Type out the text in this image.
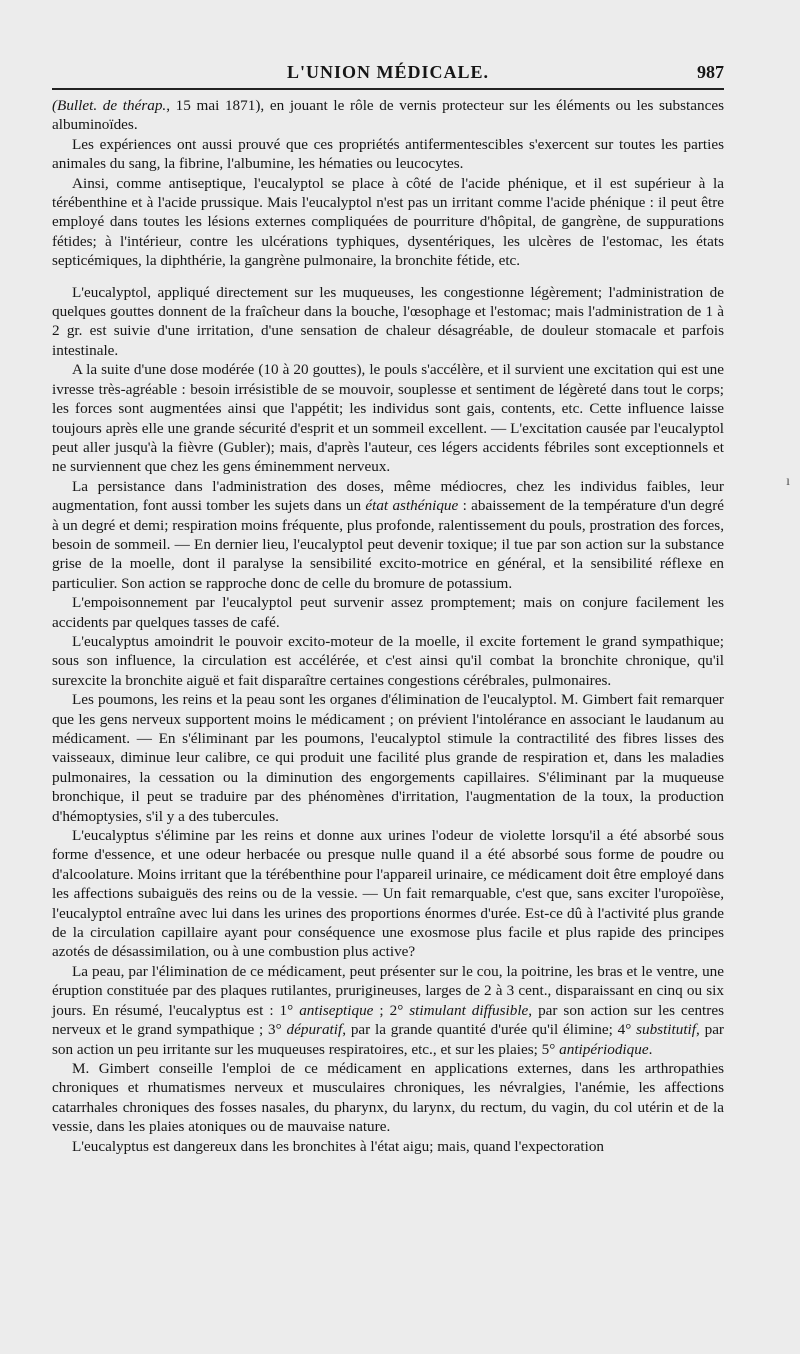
L'UNION MÉDICALE.	987

(Bullet. de thérap., 15 mai 1871), en jouant le rôle de vernis protecteur sur les éléments ou les substances albuminoïdes.

Les expériences ont aussi prouvé que ces propriétés antifermentescibles s'exercent sur toutes les parties animales du sang, la fibrine, l'albumine, les hématies ou leucocytes.

Ainsi, comme antiseptique, l'eucalyptol se place à côté de l'acide phénique, et il est supérieur à la térébenthine et à l'acide prussique. Mais l'eucalyptol n'est pas un irritant comme l'acide phénique : il peut être employé dans toutes les lésions externes compliquées de pourriture d'hôpital, de gangrène, de suppurations fétides; à l'intérieur, contre les ulcérations typhiques, dysentériques, les ulcères de l'estomac, les états septicémiques, la diphthérie, la gangrène pulmonaire, la bronchite fétide, etc.

L'eucalyptol, appliqué directement sur les muqueuses, les congestionne légèrement; l'administration de quelques gouttes donnent de la fraîcheur dans la bouche, l'œsophage et l'estomac; mais l'administration de 1 à 2 gr. est suivie d'une irritation, d'une sensation de chaleur désagréable, de douleur stomacale et parfois intestinale.

A la suite d'une dose modérée (10 à 20 gouttes), le pouls s'accélère, et il survient une excitation qui est une ivresse très-agréable : besoin irrésistible de se mouvoir, souplesse et sentiment de légèreté dans tout le corps; les forces sont augmentées ainsi que l'appétit; les individus sont gais, contents, etc. Cette influence laisse toujours après elle une grande sécurité d'esprit et un sommeil excellent. — L'excitation causée par l'eucalyptol peut aller jusqu'à la fièvre (Gubler); mais, d'après l'auteur, ces légers accidents fébriles sont exceptionnels et ne surviennent que chez les gens éminemment nerveux.

La persistance dans l'administration des doses, même médiocres, chez les individus faibles, leur augmentation, font aussi tomber les sujets dans un état asthénique : abaissement de la température d'un degré à un degré et demi; respiration moins fréquente, plus profonde, ralentissement du pouls, prostration des forces, besoin de sommeil. — En dernier lieu, l'eucalyptol peut devenir toxique; il tue par son action sur la substance grise de la moelle, dont il paralyse la sensibilité excito-motrice en général, et la sensibilité réflexe en particulier. Son action se rapproche donc de celle du bromure de potassium.

L'empoisonnement par l'eucalyptol peut survenir assez promptement; mais on conjure facilement les accidents par quelques tasses de café.

L'eucalyptus amoindrit le pouvoir excito-moteur de la moelle, il excite fortement le grand sympathique; sous son influence, la circulation est accélérée, et c'est ainsi qu'il combat la bronchite chronique, qu'il surexcite la bronchite aiguë et fait disparaître certaines congestions cérébrales, pulmonaires.

Les poumons, les reins et la peau sont les organes d'élimination de l'eucalyptol. M. Gimbert fait remarquer que les gens nerveux supportent moins le médicament ; on prévient l'intolérance en associant le laudanum au médicament. — En s'éliminant par les poumons, l'eucalyptol stimule la contractilité des fibres lisses des vaisseaux, diminue leur calibre, ce qui produit une facilité plus grande de respiration et, dans les maladies pulmonaires, la cessation ou la diminution des engorgements capillaires. S'éliminant par la muqueuse bronchique, il peut se traduire par des phénomènes d'irritation, l'augmentation de la toux, la production d'hémoptysies, s'il y a des tubercules.

L'eucalyptus s'élimine par les reins et donne aux urines l'odeur de violette lorsqu'il a été absorbé sous forme d'essence, et une odeur herbacée ou presque nulle quand il a été absorbé sous forme de poudre ou d'alcoolature. Moins irritant que la térébenthine pour l'appareil urinaire, ce médicament doit être employé dans les affections subaiguës des reins ou de la vessie. — Un fait remarquable, c'est que, sans exciter l'uropoïèse, l'eucalyptol entraîne avec lui dans les urines des proportions énormes d'urée. Est-ce dû à l'activité plus grande de la circulation capillaire ayant pour conséquence une exosmose plus facile et plus rapide des principes azotés de désassimilation, ou à une combustion plus active?

La peau, par l'élimination de ce médicament, peut présenter sur le cou, la poitrine, les bras et le ventre, une éruption constituée par des plaques rutilantes, prurigineuses, larges de 2 à 3 cent., disparaissant en cinq ou six jours. En résumé, l'eucalyptus est : 1° antiseptique ; 2° stimulant diffusible, par son action sur les centres nerveux et le grand sympathique ; 3° dépuratif, par la grande quantité d'urée qu'il élimine; 4° substitutif, par son action un peu irritante sur les muqueuses respiratoires, etc., et sur les plaies; 5° antipériodique.

M. Gimbert conseille l'emploi de ce médicament en applications externes, dans les arthropathies chroniques et rhumatismes nerveux et musculaires chroniques, les névralgies, l'anémie, les affections catarrhales chroniques des fosses nasales, du pharynx, du larynx, du rectum, du vagin, du col utérin et de la vessie, dans les plaies atoniques ou de mauvaise nature.

L'eucalyptus est dangereux dans les bronchites à l'état aigu; mais, quand l'expectoration

ı
